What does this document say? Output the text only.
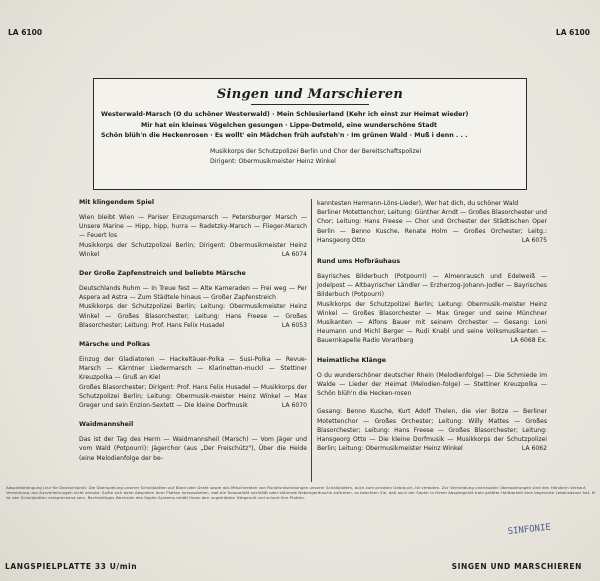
LA 6100	LA 6100
Singen und Marschieren
Westerwald-Marsch (O du schöner Westerwald) · Mein Schlesierland (Kehr ich einst zur Heimat wieder)
Mir hat ein kleines Vögelchen gesungen · Lippe-Detmold, eine wunderschöne Stadt
Schön blüh'n die Heckenrosen · Es wollt' ein Mädchen früh aufsteh'n · Im grünen Wald · Muß i denn . . .
Musikkorps der Schutzpolizei Berlin und Chor der Bereitschaftspolizei
Dirigent: Obermusikmeister Heinz Winkel
Mit klingendem Spiel

Wien bleibt Wien — Pariser Einzugsmarsch — Petersburger Marsch — Unsere Marine — Hipp, hipp, hurra — Radetzky-Marsch — Flieger-Marsch — Feuert los
Musikkorps der Schutzpolizei Berlin; Dirigent: Obermusikmeister Heinz Winkel	LA 6074

Der Große Zapfenstreich und beliebte Märsche

Deutschlands Ruhm — In Treue fest — Alte Kameraden — Frei weg — Per Aspera ad Astra — Zum Städtele hinaus — Großer Zapfenstreich
Musikkorps der Schutzpolizei Berlin; Leitung: Obermusikmeister Heinz Winkel — Großes Blasorchester; Leitung: Hans Freese — Großes Blasorchester; Leitung: Prof. Hans Felix Husadel	LA 6053

Märsche und Polkas

Einzug der Gladiatoren — Hackeltäuer-Polka — Susi-Polka — Revue-Marsch — Kärntner Liedermarsch — Klarinetten-muckl — Stettiner Kreuzpolka — Gruß an Kiel
Großes Blasorchester; Dirigent: Prof. Hans Felix Husadel — Musikkorps der Schutzpolizei Berlin; Leitung: Obermusik-meister Heinz Winkel — Max Greger und sein Enzion-Sextett — Die kleine Dorfmusik	LA 6070

Waidmannsheil

Das ist der Tag des Herrn — Waidmannsheil (Marsch) — Vom Jäger und vom Wald (Potpourri): Jägerchor (aus „Der Freischütz"), Über die Heide (eine Melodienfolge der be-

kanntesten Hermann-Löns-Lieder), Wer hat dich, du schöner Wald
Berliner Motettenchor; Leitung: Günther Arndt — Großes Blasorchester und Chor; Leitung: Hans Freese — Chor und Orchester der Städtischen Oper Berlin — Benno Kusche, Renate Holm — Großes Orchester; Leitg.: Hansgeorg Otto	LA 6075

Rund ums Hofbräuhaus

Bayrisches Bilderbuch (Potpourri) — Almenrausch und Edelweiß — Jodelpost — Altbayrischer Ländler — Erzherzog-Johann-Jodler — Bayrisches Bilderbuch (Potpourri)
Musikkorps der Schutzpolizei Berlin; Leitung: Obermusik-meister Heinz Winkel — Großes Blasorchester — Max Greger und seine Münchner Musikanten — Alfons Bauer mit seinem Orchester — Gesang: Loni Heumann und Michl Berger — Rudi Knabl und seine Volksmusikanten — Bauernkapelle Radio Vorarlberg	LA 6068 Ex.

Heimatliche Klänge

O du wunderschöner deutscher Rhein (Melodienfolge) — Die Schmiede im Walde — Lieder der Heimat (Melodien-folge) — Stettiner Kreuzpolka — Schön blüh'n die Hecken-rosen

Gesang: Benno Kusche, Kurt Adolf Thelen, die vier Botze — Berliner Motettenchor — Großes Orchester; Leitung: Willy Mattes — Großes Blasorchester; Leitung: Hans Freese — Großes Blasorchester; Leitung: Hansgeorg Otto — Die kleine Dorfmusik — Musikkorps der Schutzpolizei Berlin; Leitung: Obermusikmeister Heinz Winkel	LA 6062

Abspielbedingung (nur für Deutschland): Die Überspielung unserer Schallplatten auf Band oder Draht sowie das Mitschneiden von Rundfunksendungen unserer Schallplatten, auch zum privaten Gebrauch, ist verboten. Zur Vermeidung unerlaubter Überspielungen sind den Händlern Verkauf, Vermietung und Ausverleihungen nicht erlaubt. Sollte sich beim Abspielen Ihrer Platten herausstellen, daß die Tonqualität nachläßt oder störende Nebengeräusche auftreten, so beachten Sie, daß auch der Saphir in Ihrem Abspielgerät trotz größter Haltbarkeit eine begrenzte Lebensdauer hat. Er ist den Schallplatten entsprechend sein. Rechtzeitiges Wechseln des Saphir-Systems erhält Ihnen den ungetrübten Hörgenuß und schont Ihre Platten.
SINFONIE
LANGSPIELPLATTE 33 U/min	SINGEN UND MARSCHIEREN
